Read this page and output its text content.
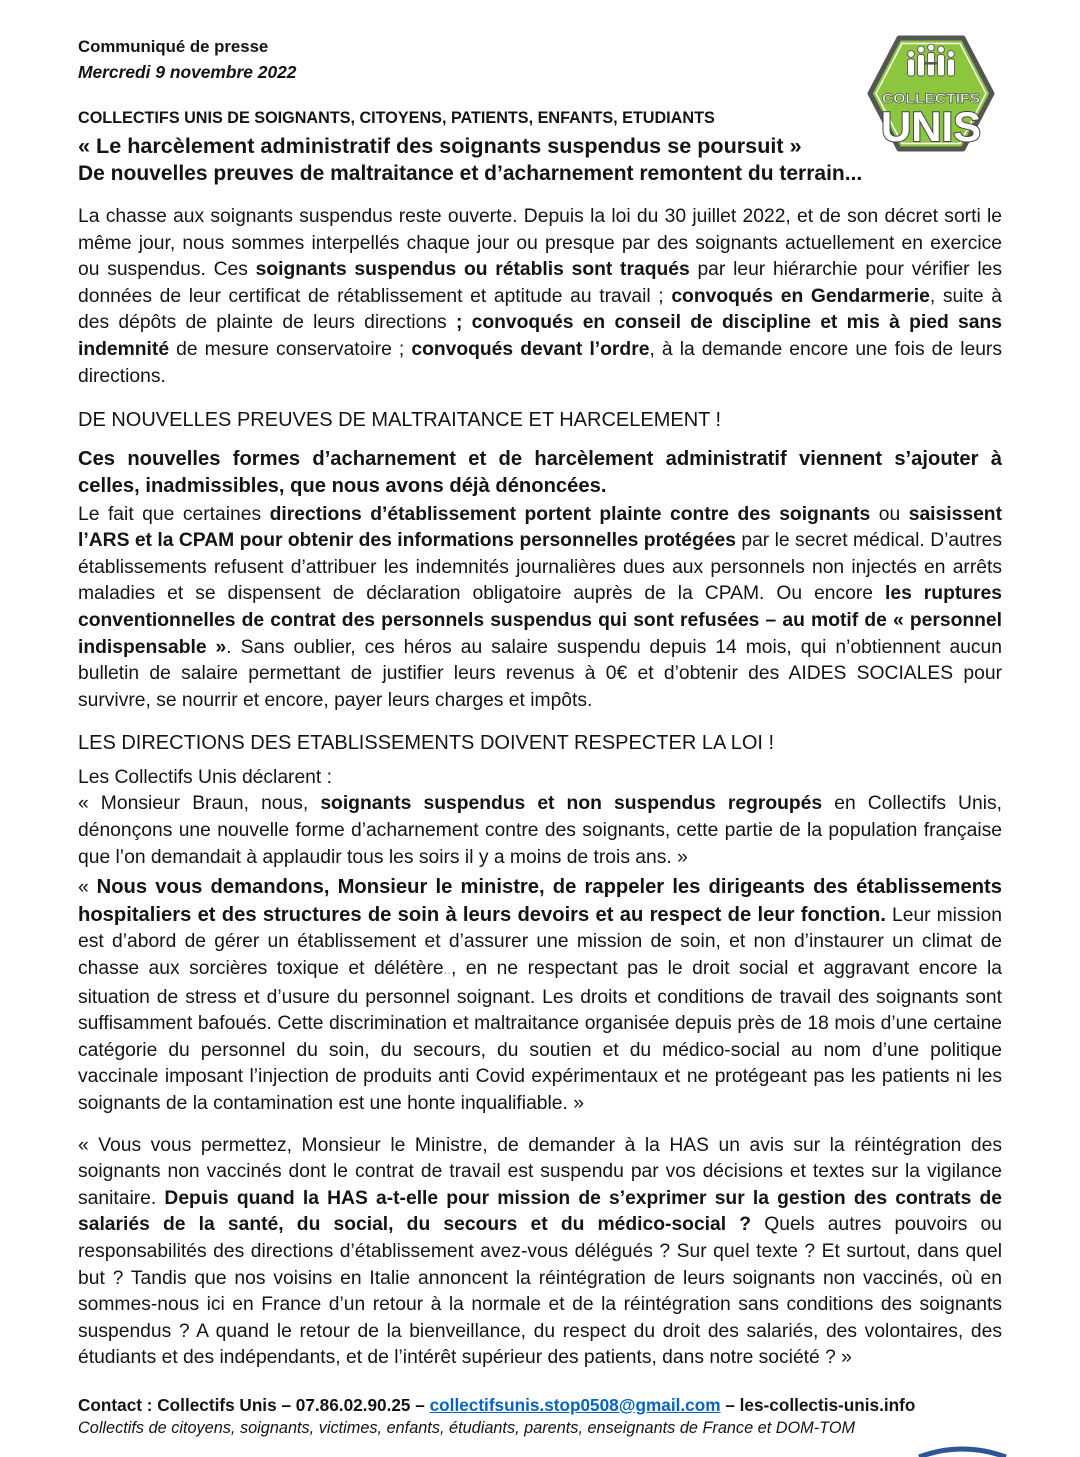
Communiqué de presse

Mercredi 9 novembre 2022

COLLECTIFS UNIS DE SOIGNANTS, CITOYENS, PATIENTS, ENFANTS, ETUDIANTS

« Le harcèlement administratif des soignants suspendus se poursuit »
De nouvelles preuves de maltraitance et d’acharnement remontent du terrain...
COLLECTIFS
UNIS

La chasse aux soignants suspendus reste ouverte. Depuis la loi du 30 juillet 2022, et de son décret sorti le même jour, nous sommes interpellés chaque jour ou presque par des soignants actuellement en exercice ou suspendus. Ces soignants suspendus ou rétablis sont traqués par leur hiérarchie pour vérifier les données de leur certificat de rétablissement et aptitude au travail ; convoqués en Gendarmerie, suite à des dépôts de plainte de leurs directions ; convoqués en conseil de discipline et mis à pied sans indemnité de mesure conservatoire ; convoqués devant l’ordre, à la demande encore une fois de leurs directions.

DE NOUVELLES PREUVES DE MALTRAITANCE ET HARCELEMENT !

Ces nouvelles formes d’acharnement et de harcèlement administratif viennent s’ajouter à celles, inadmissibles, que nous avons déjà dénoncées.

Le fait que certaines directions d’établissement portent plainte contre des soignants ou saisissent l’ARS et la CPAM pour obtenir des informations personnelles protégées par le secret médical. D’autres établissements refusent d’attribuer les indemnités journalières dues aux personnels non injectés en arrêts maladies et se dispensent de déclaration obligatoire auprès de la CPAM. Ou encore les ruptures conventionnelles de contrat des personnels suspendus qui sont refusées – au motif de « personnel indispensable ». Sans oublier, ces héros au salaire suspendu depuis 14 mois, qui n’obtiennent aucun bulletin de salaire permettant de justifier leurs revenus à 0€ et d’obtenir des AIDES SOCIALES pour survivre, se nourrir et encore, payer leurs charges et impôts.

LES DIRECTIONS DES ETABLISSEMENTS DOIVENT RESPECTER LA LOI !

Les Collectifs Unis déclarent :

« Monsieur Braun, nous, soignants suspendus et non suspendus regroupés en Collectifs Unis, dénonçons une nouvelle forme d’acharnement contre des soignants, cette partie de la population française que l’on demandait à applaudir tous les soirs il y a moins de trois ans. »

« Nous vous demandons, Monsieur le ministre, de rappeler les dirigeants des établissements hospitaliers et des structures de soin à leurs devoirs et au respect de leur fonction. Leur mission est d’abord de gérer un établissement et d’assurer une mission de soin, et non d’instaurer un climat de chasse aux sorcières toxique et délétère‥, en ne respectant pas le droit social et aggravant encore la situation de stress et d’usure du personnel soignant. Les droits et conditions de travail des soignants sont suffisamment bafoués. Cette discrimination et maltraitance organisée depuis près de 18 mois d’une certaine catégorie du personnel du soin, du secours, du soutien et du médico-social au nom d’une politique vaccinale imposant l’injection de produits anti Covid expérimentaux et ne protégeant pas les patients ni les soignants de la contamination est une honte inqualifiable. »

« Vous vous permettez, Monsieur le Ministre, de demander à la HAS un avis sur la réintégration des soignants non vaccinés dont le contrat de travail est suspendu par vos décisions et textes sur la vigilance sanitaire. Depuis quand la HAS a-t-elle pour mission de s’exprimer sur la gestion des contrats de salariés de la santé, du social, du secours et du médico-social ? Quels autres pouvoirs ou responsabilités des directions d’établissement avez-vous délégués ? Sur quel texte ? Et surtout, dans quel but ? Tandis que nos voisins en Italie annoncent la réintégration de leurs soignants non vaccinés, où en sommes-nous ici en France d’un retour à la normale et de la réintégration sans conditions des soignants suspendus ? A quand le retour de la bienveillance, du respect du droit des salariés, des volontaires, des étudiants et des indépendants, et de l’intérêt supérieur des patients, dans notre société ? »

Contact : Collectifs Unis – 07.86.02.90.25 – collectifsunis.stop0508@gmail.com – les-collectis-unis.info

Collectifs de citoyens, soignants, victimes, enfants, étudiants, parents, enseignants de France et DOM-TOM
